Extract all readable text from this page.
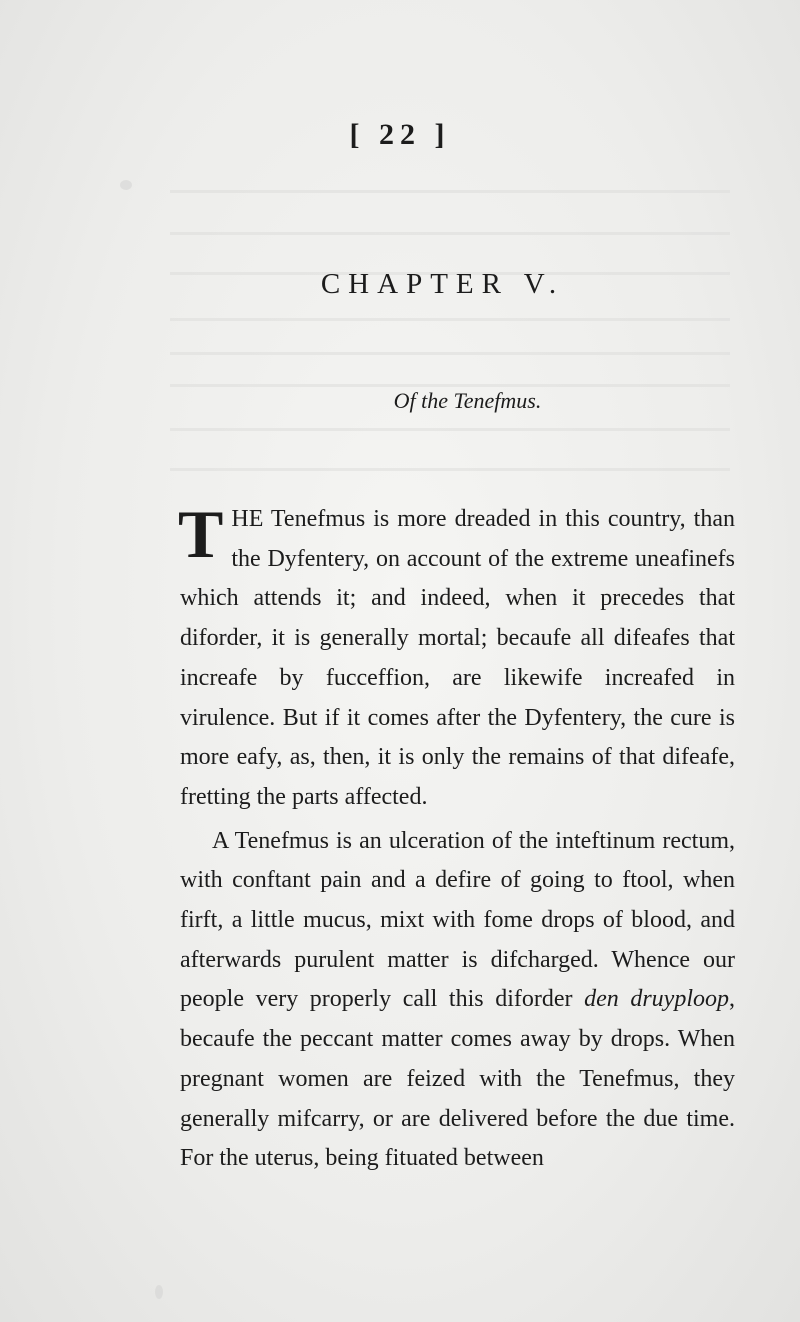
[ 22 ]
CHAPTER V.
Of the Tenefmus.

THE Tenefmus is more dreaded in this country, than the Dyfentery, on account of the extreme uneafinefs which attends it; and indeed, when it precedes that diforder, it is generally mortal; becaufe all difeafes that increafe by fucceffion, are likewife increafed in virulence. But if it comes after the Dyfentery, the cure is more eafy, as, then, it is only the remains of that difeafe, fretting the parts affected.

A Tenefmus is an ulceration of the inteftinum rectum, with conftant pain and a defire of going to ftool, when firft, a little mucus, mixt with fome drops of blood, and afterwards purulent matter is difcharged. Whence our people very properly call this diforder den druyploop, becaufe the peccant matter comes away by drops. When pregnant women are feized with the Tenefmus, they generally mifcarry, or are delivered before the due time. For the uterus, being fituated between
